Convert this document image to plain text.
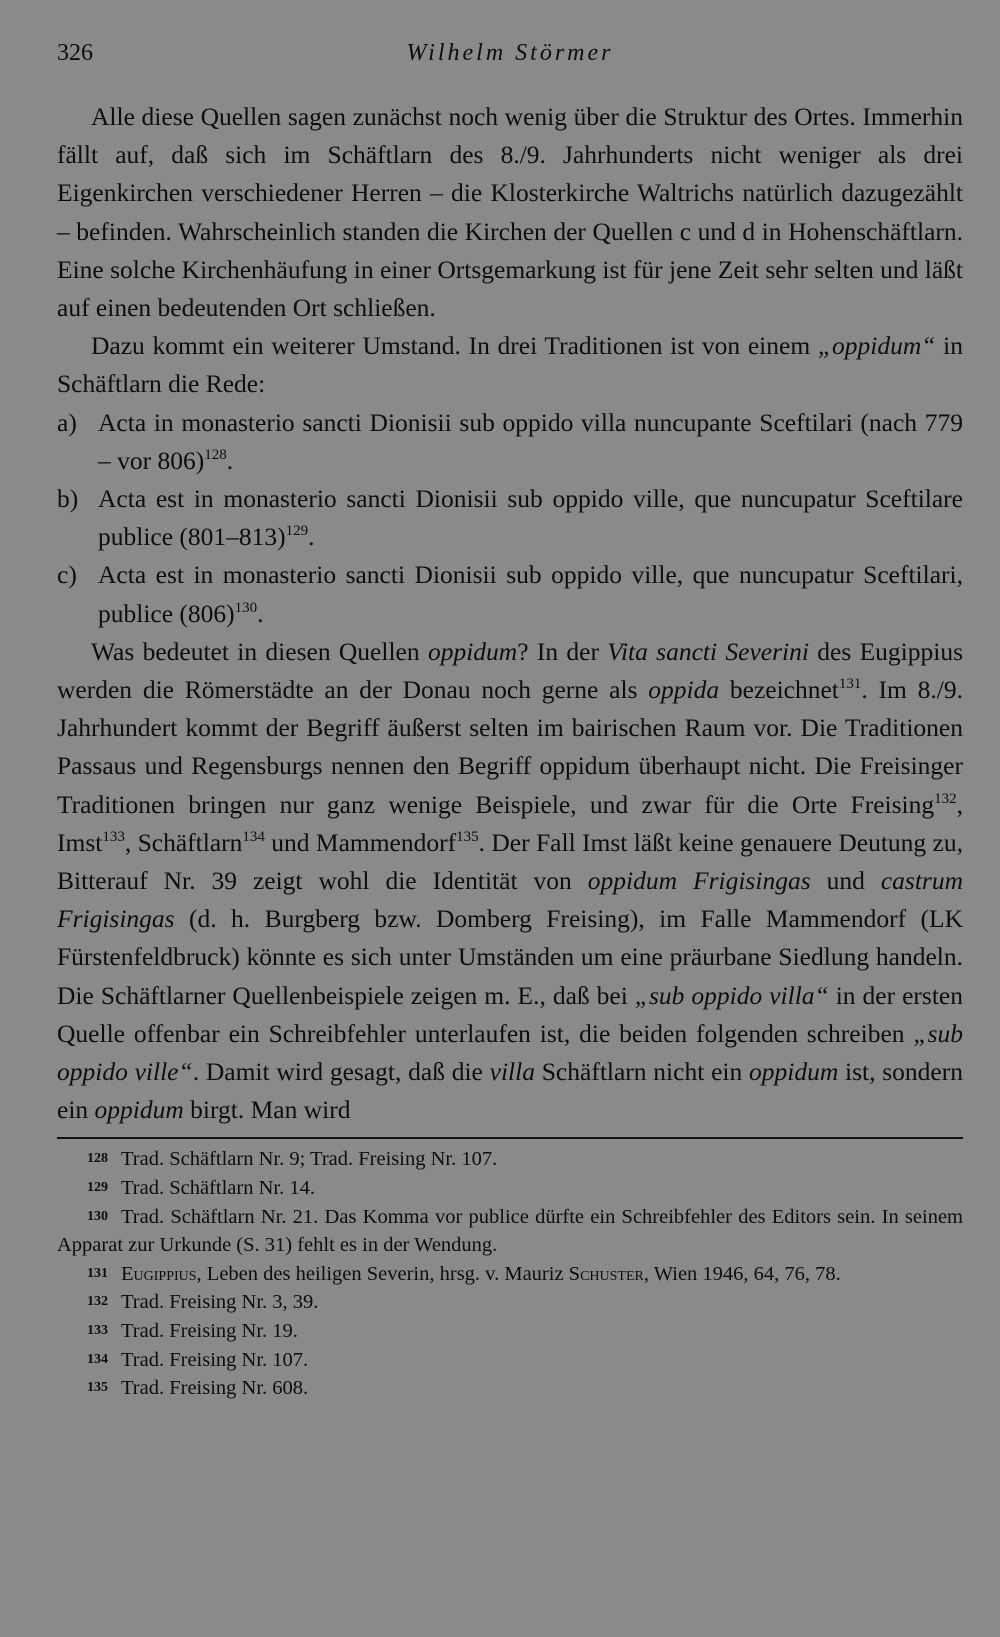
326	Wilhelm Störmer

Alle diese Quellen sagen zunächst noch wenig über die Struktur des Ortes. Immerhin fällt auf, daß sich im Schäftlarn des 8./9. Jahrhunderts nicht weniger als drei Eigenkirchen verschiedener Herren – die Klosterkirche Waltrichs natürlich dazugezählt – befinden. Wahrscheinlich standen die Kirchen der Quellen c und d in Hohenschäftlarn. Eine solche Kirchenhäufung in einer Ortsgemarkung ist für jene Zeit sehr selten und läßt auf einen bedeutenden Ort schließen.

Dazu kommt ein weiterer Umstand. In drei Traditionen ist von einem „oppidum“ in Schäftlarn die Rede:

a) Acta in monasterio sancti Dionisii sub oppido villa nuncupante Sceftilari (nach 779 – vor 806)$^{128}$.
b) Acta est in monasterio sancti Dionisii sub oppido ville, que nuncupatur Sceftilare publice $(801-813)^{129}$.
c) Acta est in monasterio sancti Dionisii sub oppido ville, que nuncupatur Sceftilari, publice $(806)^{130}$.

Was bedeutet in diesen Quellen oppidum? In der Vita sancti Severini des Eugippius werden die Römerstädte an der Donau noch gerne als oppida bezeichnet$^{131}$. Im 8./9. Jahrhundert kommt der Begriff äußerst selten im bairischen Raum vor. Die Traditionen Passaus und Regensburgs nennen den Begriff oppidum überhaupt nicht. Die Freisinger Traditionen bringen nur ganz wenige Beispiele, und zwar für die Orte Freising$^{132}$, Imst$^{133}$, Schäftlarn$^{134}$ und Mammendorf$^{135}$. Der Fall Imst läßt keine genauere Deutung zu, Bitterauf Nr. 39 zeigt wohl die Identität von oppidum Frigisingas und castrum Frigisingas (d. h. Burgberg bzw. Domberg Freising), im Falle Mammendorf (LK Fürstenfeldbruck) könnte es sich unter Umständen um eine präurbane Siedlung handeln. Die Schäftlarner Quellenbeispiele zeigen m. E., daß bei „sub oppido villa“ in der ersten Quelle offenbar ein Schreibfehler unterlaufen ist, die beiden folgenden schreiben „sub oppido ville“. Damit wird gesagt, daß die villa Schäftlarn nicht ein oppidum ist, sondern ein oppidum birgt. Man wird

128 Trad. Schäftlarn Nr. 9; Trad. Freising Nr. 107.

129 Trad. Schäftlarn Nr. 14.

130 Trad. Schäftlarn Nr. 21. Das Komma vor publice dürfte ein Schreibfehler des Editors sein. In seinem Apparat zur Urkunde (S. 31) fehlt es in der Wendung.

131 Eugippius, Leben des heiligen Severin, hrsg. v. Mauriz Schuster, Wien 1946, 64, 76, 78.

132 Trad. Freising Nr. 3, 39.

133 Trad. Freising Nr. 19.

134 Trad. Freising Nr. 107.

135 Trad. Freising Nr. 608.
